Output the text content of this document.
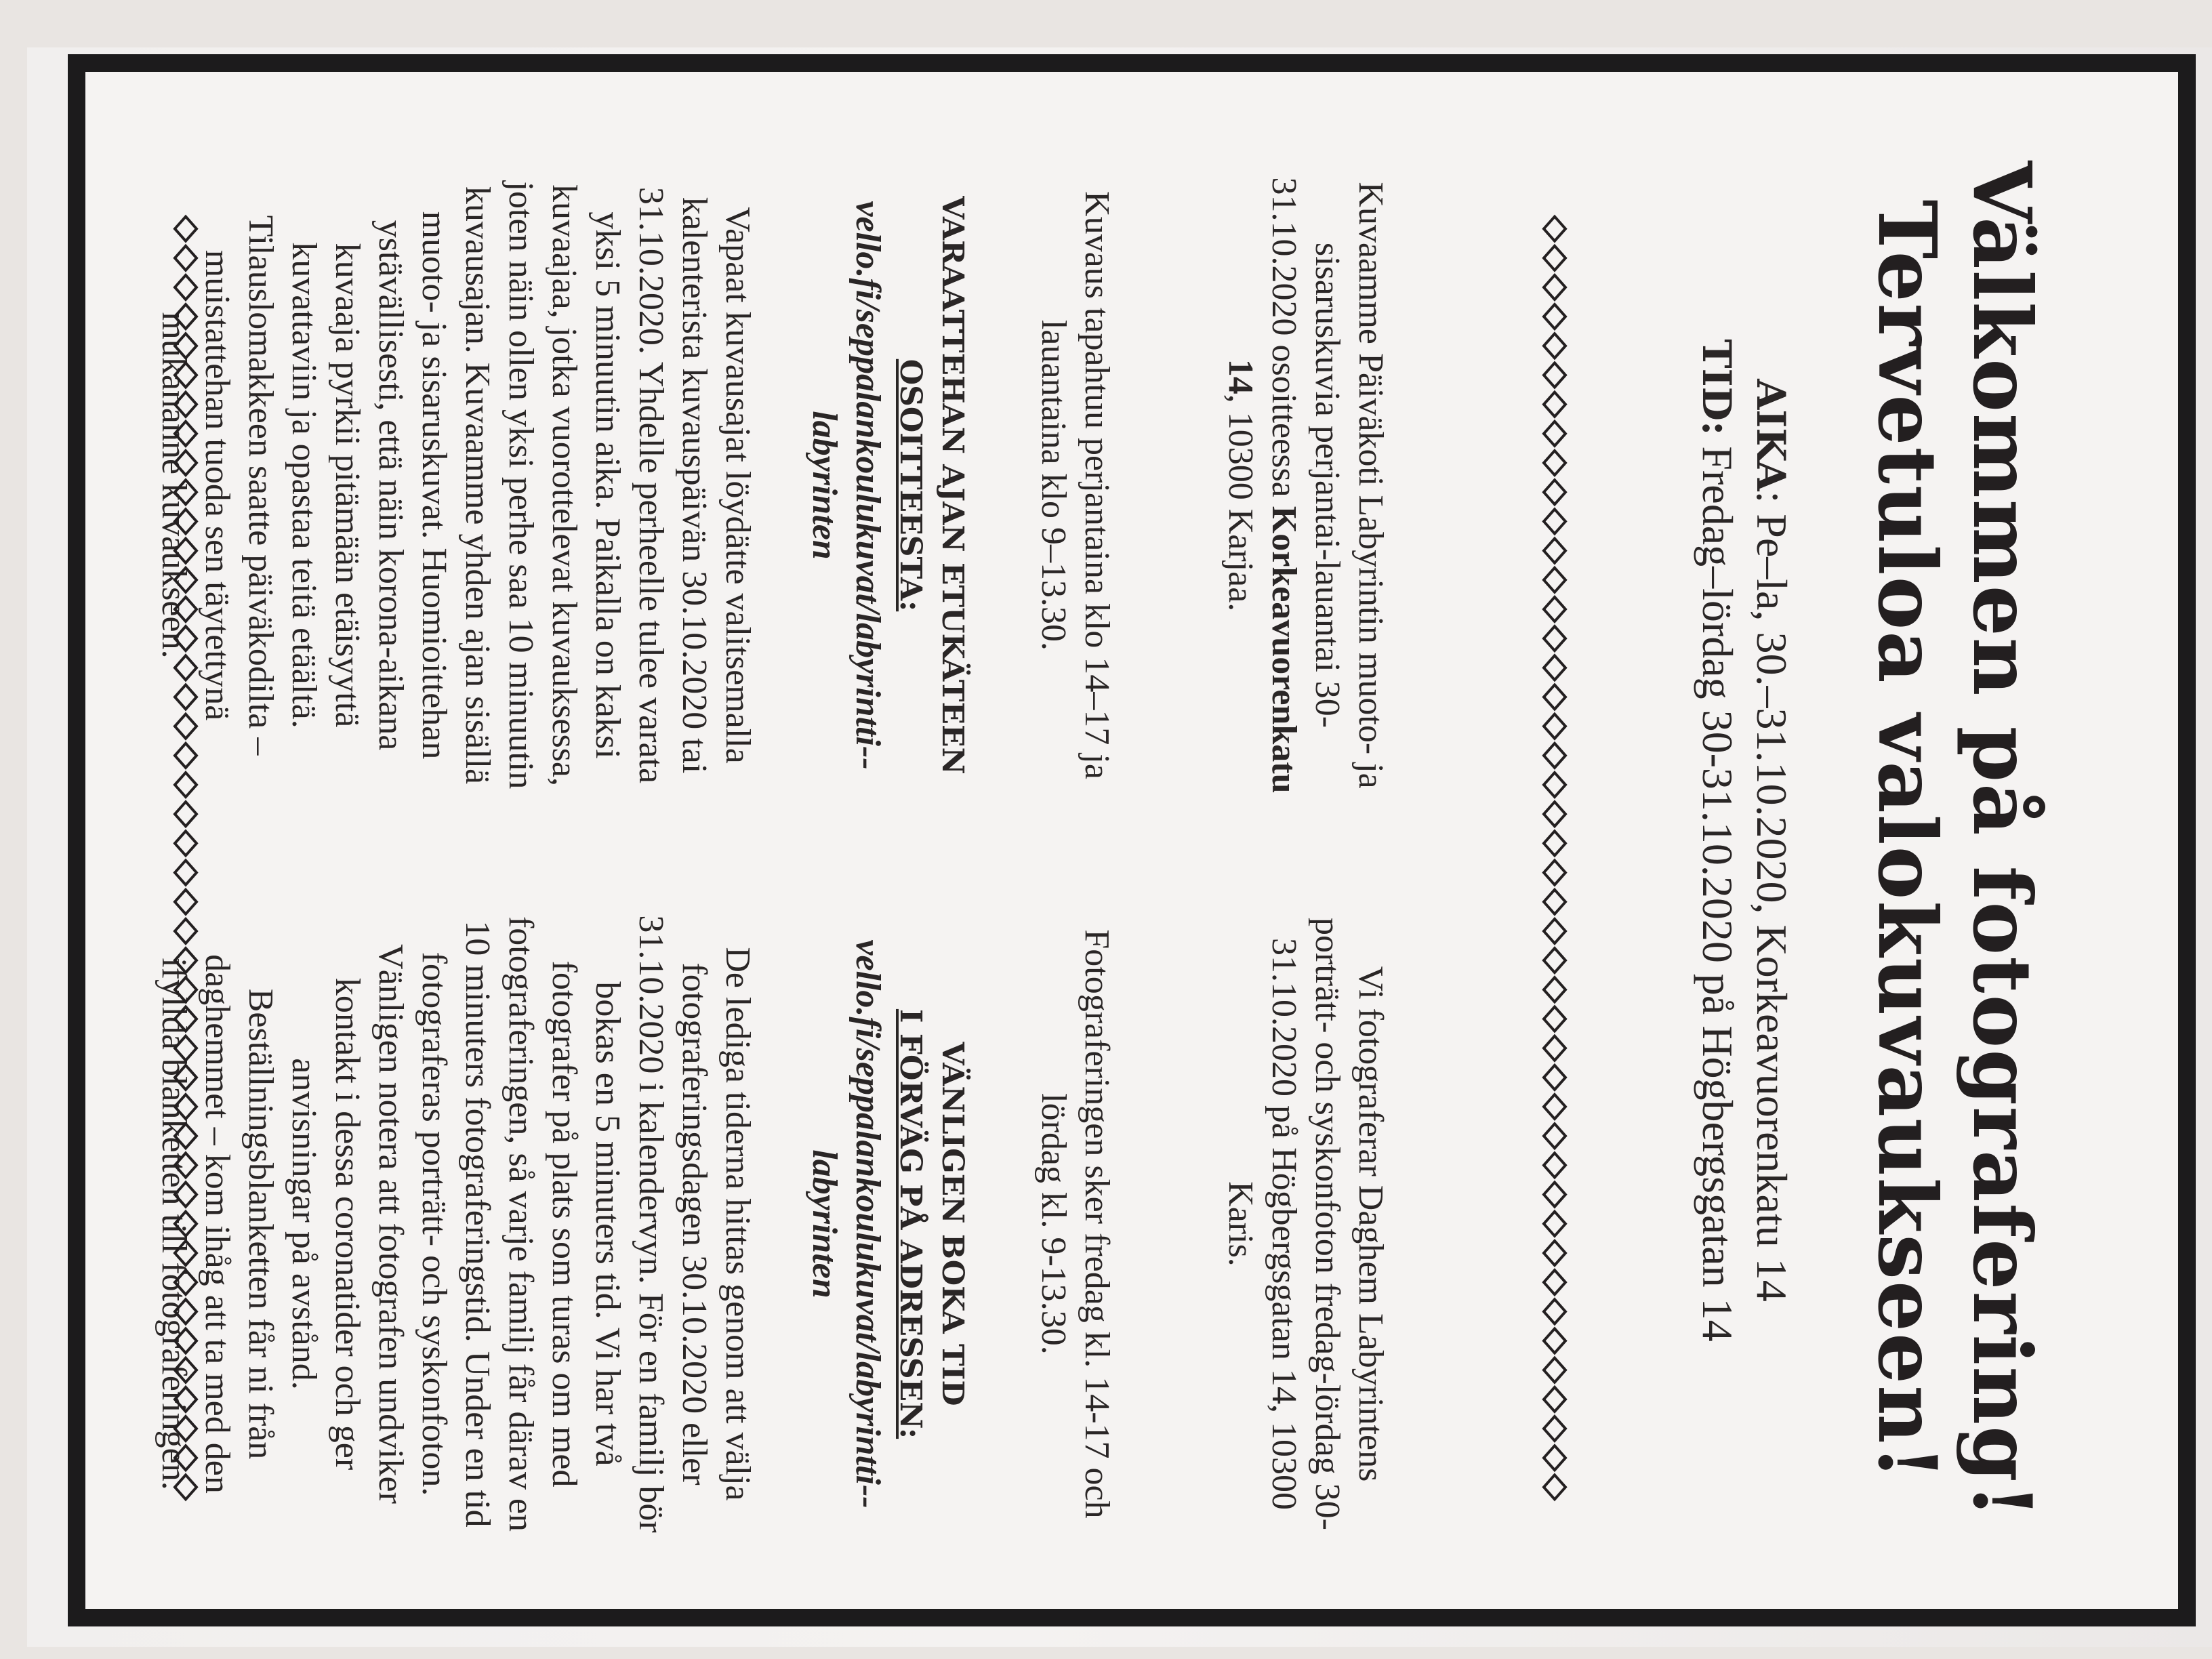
Välkommen på fotografering!
Tervetuloa valokuvaukseen!
AIKA: Pe–la, 30.–31.10.2020, Korkeavuorenkatu 14
TID: Fredag–lördag 30-31.10.2020 på Högbergsgatan 14

Kuvaamme Päiväkoti Labyrintin muoto- ja sisaruskuvia perjantai-lauantai 30-31.10.2020 osoitteessa Korkeavuorenkatu 14, 10300 Karjaa.

Kuvaus tapahtuu perjantaina klo 14–17 ja lauantaina klo 9–13.30.

VARAATTEHAN AJAN ETUKÄTEEN

OSOITTEESTA:

vello.fi/seppalankoulukuvat/labyrintti--labyrinten

Vapaat kuvausajat löydätte valitsemalla kalenterista kuvauspäivän 30.10.2020 tai 31.10.2020. Yhdelle perheelle tulee varata yksi 5 minuutin aika. Paikalla on kaksi kuvaajaa, jotka vuorottelevat kuvauksessa, joten näin ollen yksi perhe saa 10 minuutin kuvausajan. Kuvaamme yhden ajan sisällä muoto- ja sisaruskuvat. Huomioittehan ystävällisesti, että näin korona-aikana kuvaaja pyrkii pitämään etäisyyttä kuvattaviin ja opastaa teitä etäältä. Tilauslomakkeen saatte päiväkodilta – muistattehan tuoda sen täytettynä mukananne kuvaukseen.

Vi fotograferar Daghem Labyrintens porträtt- och syskonfoton fredag-lördag 30-31.10.2020 på Högbergsgatan 14, 10300 Karis.

Fotograferingen sker fredag kl. 14-17 och lördag kl. 9-13.30.

VÄNLIGEN BOKA TID

I FÖRVÄG PÅ ADRESSEN:

vello.fi/seppalankoulukuvat/labyrintti--labyrinten

De lediga tiderna hittas genom att välja fotograferingsdagen 30.10.2020 eller 31.10.2020 i kalendervyn. För en familj bör bokas en 5 minuters tid. Vi har två fotografer på plats som turas om med fotograferingen, så varje familj får därav en 10 minuters fotograferingstid. Under en tid fotograferas porträtt- och syskonfoton. Vänligen notera att fotografen undviker kontakt i dessa coronatider och ger anvisningar på avstånd. Beställningsblanketten får ni från daghemmet – kom ihåg att ta med den ifyllda blanketten till fotograferingen.
